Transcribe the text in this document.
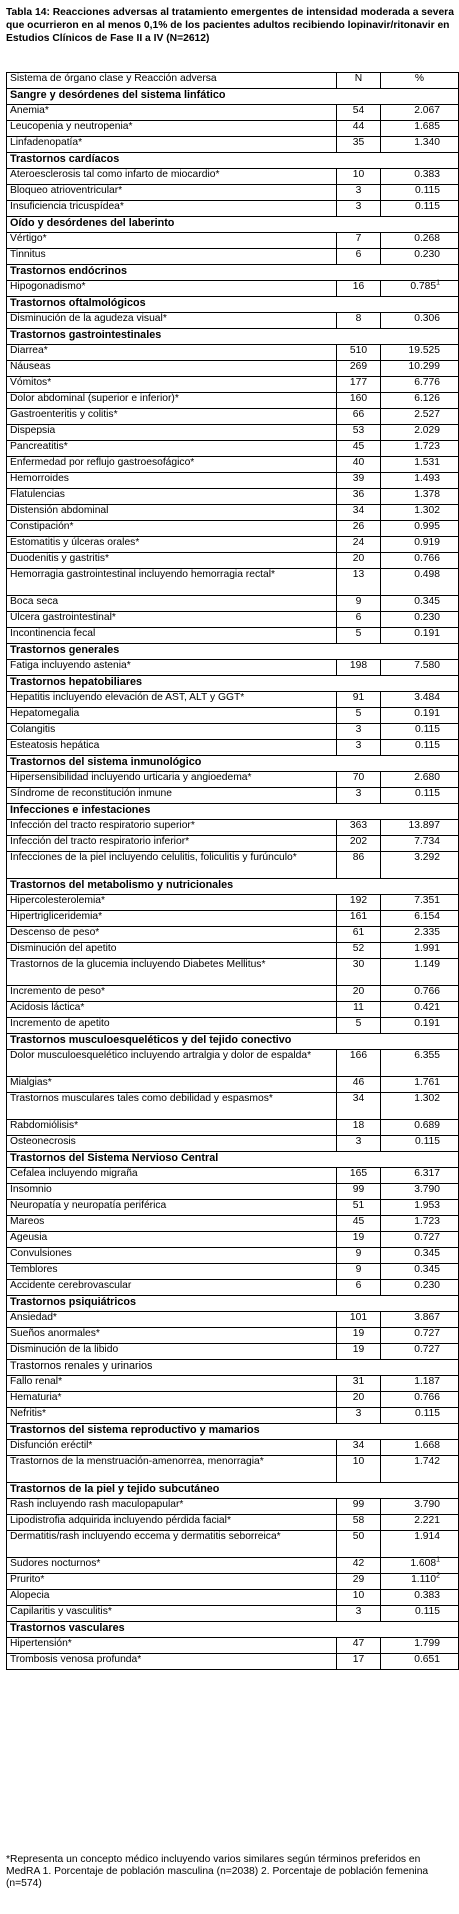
Tabla 14: Reacciones adversas al tratamiento emergentes de intensidad moderada a severa que ocurrieron en al menos 0,1% de los pacientes adultos recibiendo lopinavir/ritonavir en Estudios Clínicos de Fase II a IV (N=2612)
Sistema de órgano clase y Reacción adversa	N	%
Sangre y desórdenes del sistema linfático		
Anemia*	54	2.067
Leucopenia y neutropenia*	44	1.685
Linfadenopatía*	35	1.340
Trastornos cardíacos		
Ateroesclerosis tal como infarto de miocardio*	10	0.383
Bloqueo atrioventricular*	3	0.115
Insuficiencia tricuspídea*	3	0.115
Oído y desórdenes del laberinto		
Vértigo*	7	0.268
Tinnitus	6	0.230
Trastornos endócrinos		
Hipogonadismo*	16	0.785$^1$
Trastornos oftalmológicos		
Disminución de la agudeza visual*	8	0.306
Trastornos gastrointestinales		
Diarrea*	510	19.525
Náuseas	269	10.299
Vómitos*	177	6.776
Dolor abdominal (superior e inferior)*	160	6.126
Gastroenteritis y colitis*	66	2.527
Dispepsia	53	2.029
Pancreatitis*	45	1.723
Enfermedad por reflujo gastroesofágico*	40	1.531
Hemorroides	39	1.493
Flatulencias	36	1.378
Distensión abdominal	34	1.302
Constipación*	26	0.995
Estomatitis y úlceras orales*	24	0.919
Duodenitis y gastritis*	20	0.766
Hemorragia gastrointestinal incluyendo hemorragia rectal*	13	0.498
Boca seca	9	0.345
Úlcera gastrointestinal*	6	0.230
Incontinencia fecal	5	0.191
Trastornos generales		
Fatiga incluyendo astenia*	198	7.580
Trastornos hepatobiliares		
Hepatitis incluyendo elevación de AST, ALT y GGT*	91	3.484
Hepatomegalia	5	0.191
Colangitis	3	0.115
Esteatosis hepática	3	0.115
Trastornos del sistema inmunológico		
Hipersensibilidad incluyendo urticaria y angioedema*	70	2.680
Síndrome de reconstitución inmune	3	0.115
Infecciones e infestaciones		
Infección del tracto respiratorio superior*	363	13.897
Infección del tracto respiratorio inferior*	202	7.734
Infecciones de la piel incluyendo celulitis, foliculitis y furúnculo*	86	3.292
Trastornos del metabolismo y nutricionales		
Hipercolesterolemia*	192	7.351
Hipertrigliceridemia*	161	6.154
Descenso de peso*	61	2.335
Disminución del apetito	52	1.991
Trastornos de la glucemia incluyendo Diabetes Mellitus*	30	1.149
Incremento de peso*	20	0.766
Acidosis láctica*	11	0.421
Incremento de apetito	5	0.191
Trastornos musculoesqueléticos y del tejido conectivo		
Dolor musculoesquelético incluyendo artralgia y dolor de espalda*	166	6.355
Mialgias*	46	1.761
Trastornos musculares tales como debilidad y espasmos*	34	1.302
Rabdomiólisis*	18	0.689
Osteonecrosis	3	0.115
Trastornos del Sistema Nervioso Central		
Cefalea incluyendo migraña	165	6.317
Insomnio	99	3.790
Neuropatía y neuropatía periférica	51	1.953
Mareos	45	1.723
Ageusia	19	0.727
Convulsiones	9	0.345
Temblores	9	0.345
Accidente cerebrovascular	6	0.230
Trastornos psiquiátricos		
Ansiedad*	101	3.867
Sueños anormales*	19	0.727
Disminución de la libido	19	0.727
Trastornos renales y urinarios		
Fallo renal*	31	1.187
Hematuria*	20	0.766
Nefritis*	3	0.115
Trastornos del sistema reproductivo y mamarios		
Disfunción eréctil*	34	1.668
Trastornos de la menstruación-amenorrea, menorragia*	10	1.742
Trastornos de la piel y tejido subcutáneo		
Rash incluyendo rash maculopapular*	99	3.790
Lipodistrofia adquirida incluyendo pérdida facial*	58	2.221
Dermatitis/rash incluyendo eccema y dermatitis seborreica*	50	1.914
Sudores nocturnos*	42	1.608$^1$
Prurito*	29	1.110$^2$
Alopecia	10	0.383
Capilaritis y vasculitis*	3	0.115
Trastornos vasculares		
Hipertensión*	47	1.799
Trombosis venosa profunda*	17	0.651
*Representa un concepto médico incluyendo varios similares según términos preferidos en MedRA 1. Porcentaje de población masculina (n=2038) 2. Porcentaje de población femenina (n=574)
